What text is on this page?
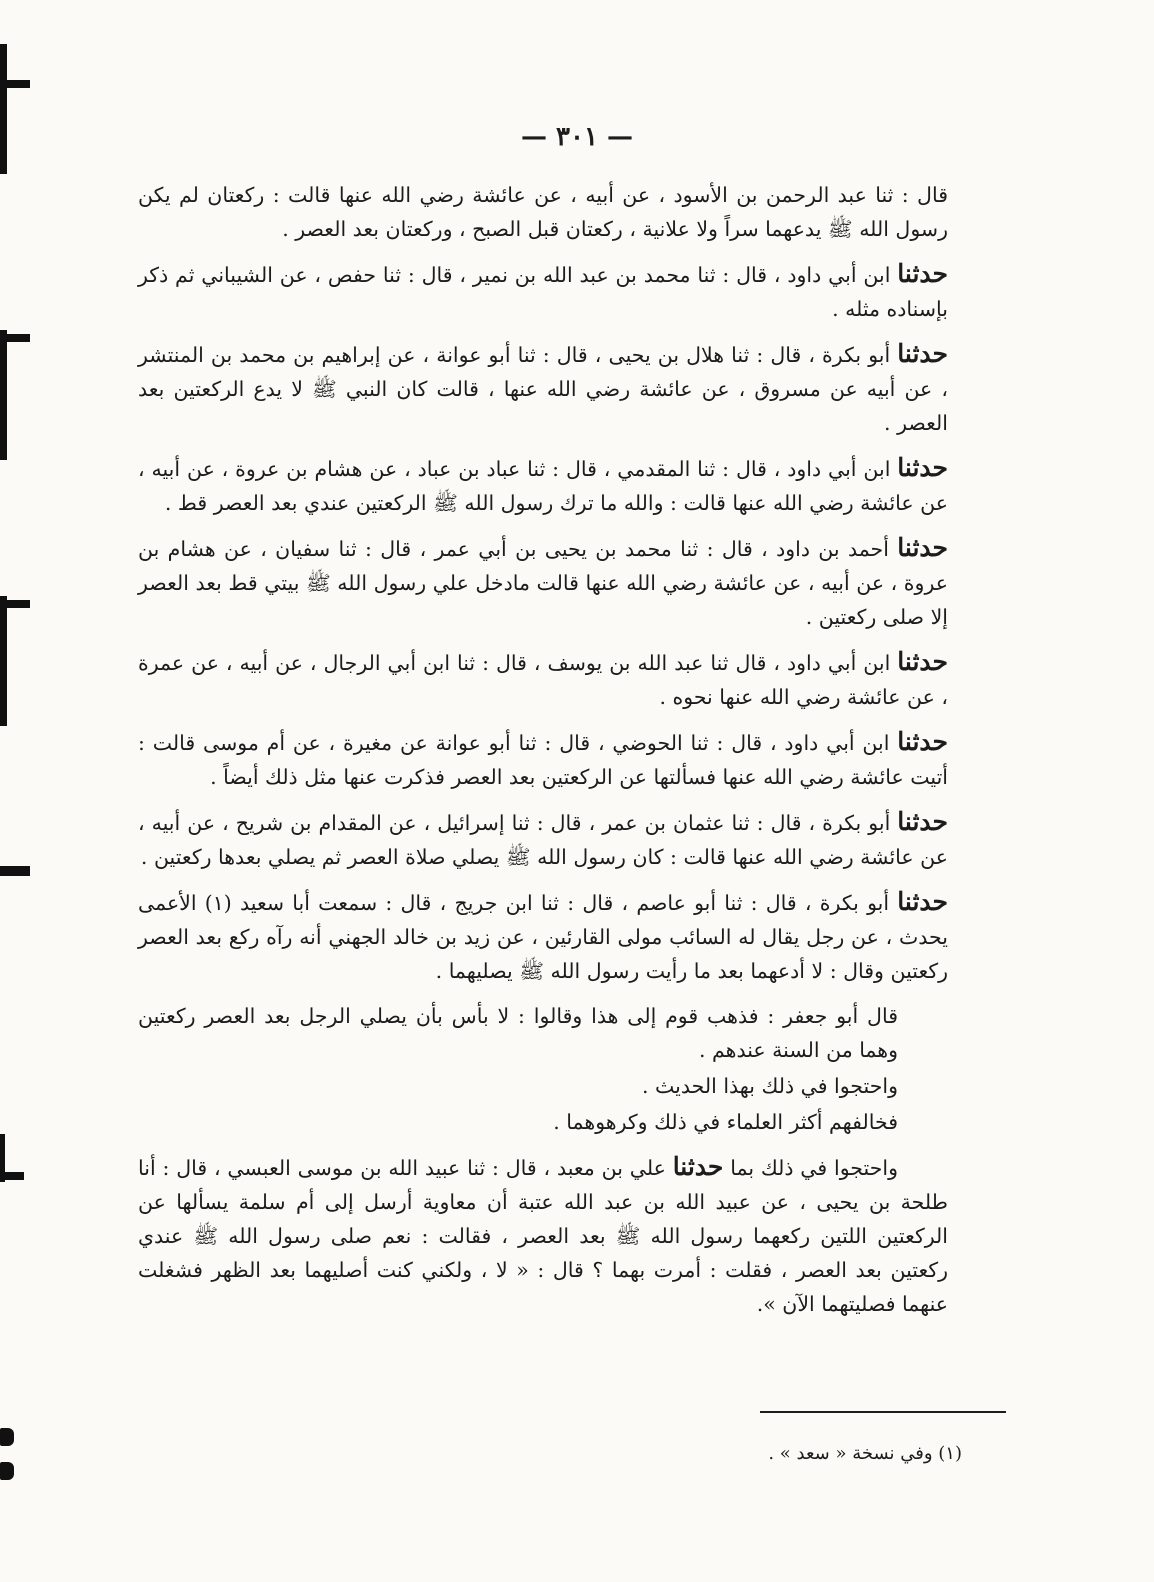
— ٣٠١ —

قال : ثنا عبد الرحمن بن الأسود ، عن أبيه ، عن عائشة رضي الله عنها قالت : ركعتان لم يكن رسول الله ﷺ يدعهما سراً ولا علانية ، ركعتان قبل الصبح ، وركعتان بعد العصر .

حدثنا ابن أبي داود ، قال : ثنا محمد بن عبد الله بن نمير ، قال : ثنا حفص ، عن الشيباني ثم ذكر بإسناده مثله .

حدثنا أبو بكرة ، قال : ثنا هلال بن يحيى ، قال : ثنا أبو عوانة ، عن إبراهيم بن محمد بن المنتشر ، عن أبيه عن مسروق ، عن عائشة رضي الله عنها ، قالت كان النبي ﷺ لا يدع الركعتين بعد العصر .

حدثنا ابن أبي داود ، قال : ثنا المقدمي ، قال : ثنا عباد بن عباد ، عن هشام بن عروة ، عن أبيه ، عن عائشة رضي الله عنها قالت : والله ما ترك رسول الله ﷺ الركعتين عندي بعد العصر قط .

حدثنا أحمد بن داود ، قال : ثنا محمد بن يحيى بن أبي عمر ، قال : ثنا سفيان ، عن هشام بن عروة ، عن أبيه ، عن عائشة رضي الله عنها قالت مادخل علي رسول الله ﷺ بيتي قط بعد العصر إلا صلى ركعتين .

حدثنا ابن أبي داود ، قال ثنا عبد الله بن يوسف ، قال : ثنا ابن أبي الرجال ، عن أبيه ، عن عمرة ، عن عائشة رضي الله عنها نحوه .

حدثنا ابن أبي داود ، قال : ثنا الحوضي ، قال : ثنا أبو عوانة عن مغيرة ، عن أم موسى قالت : أتيت عائشة رضي الله عنها فسألتها عن الركعتين بعد العصر فذكرت عنها مثل ذلك أيضاً .

حدثنا أبو بكرة ، قال : ثنا عثمان بن عمر ، قال : ثنا إسرائيل ، عن المقدام بن شريح ، عن أبيه ، عن عائشة رضي الله عنها قالت : كان رسول الله ﷺ يصلي صلاة العصر ثم يصلي بعدها ركعتين .

حدثنا أبو بكرة ، قال : ثنا أبو عاصم ، قال : ثنا ابن جريج ، قال : سمعت أبا سعيد (١) الأعمى يحدث ، عن رجل يقال له السائب مولى القارئين ، عن زيد بن خالد الجهني أنه رآه ركع بعد العصر ركعتين وقال : لا أدعهما بعد ما رأيت رسول الله ﷺ يصليهما .

قال أبو جعفر : فذهب قوم إلى هذا وقالوا : لا بأس بأن يصلي الرجل بعد العصر ركعتين وهما من السنة عندهم .

واحتجوا في ذلك بهذا الحديث .

فخالفهم أكثر العلماء في ذلك وكرهوهما .

واحتجوا في ذلك بما حدثنا علي بن معبد ، قال : ثنا عبيد الله بن موسى العبسي ، قال : أنا طلحة بن يحيى ، عن عبيد الله بن عبد الله عتبة أن معاوية أرسل إلى أم سلمة يسألها عن الركعتين اللتين ركعهما رسول الله ﷺ بعد العصر ، فقالت : نعم صلى رسول الله ﷺ عندي ركعتين بعد العصر ، فقلت : أمرت بهما ؟ قال : « لا ، ولكني كنت أصليهما بعد الظهر فشغلت عنهما فصليتهما الآن ».

(١) وفي نسخة « سعد » .
